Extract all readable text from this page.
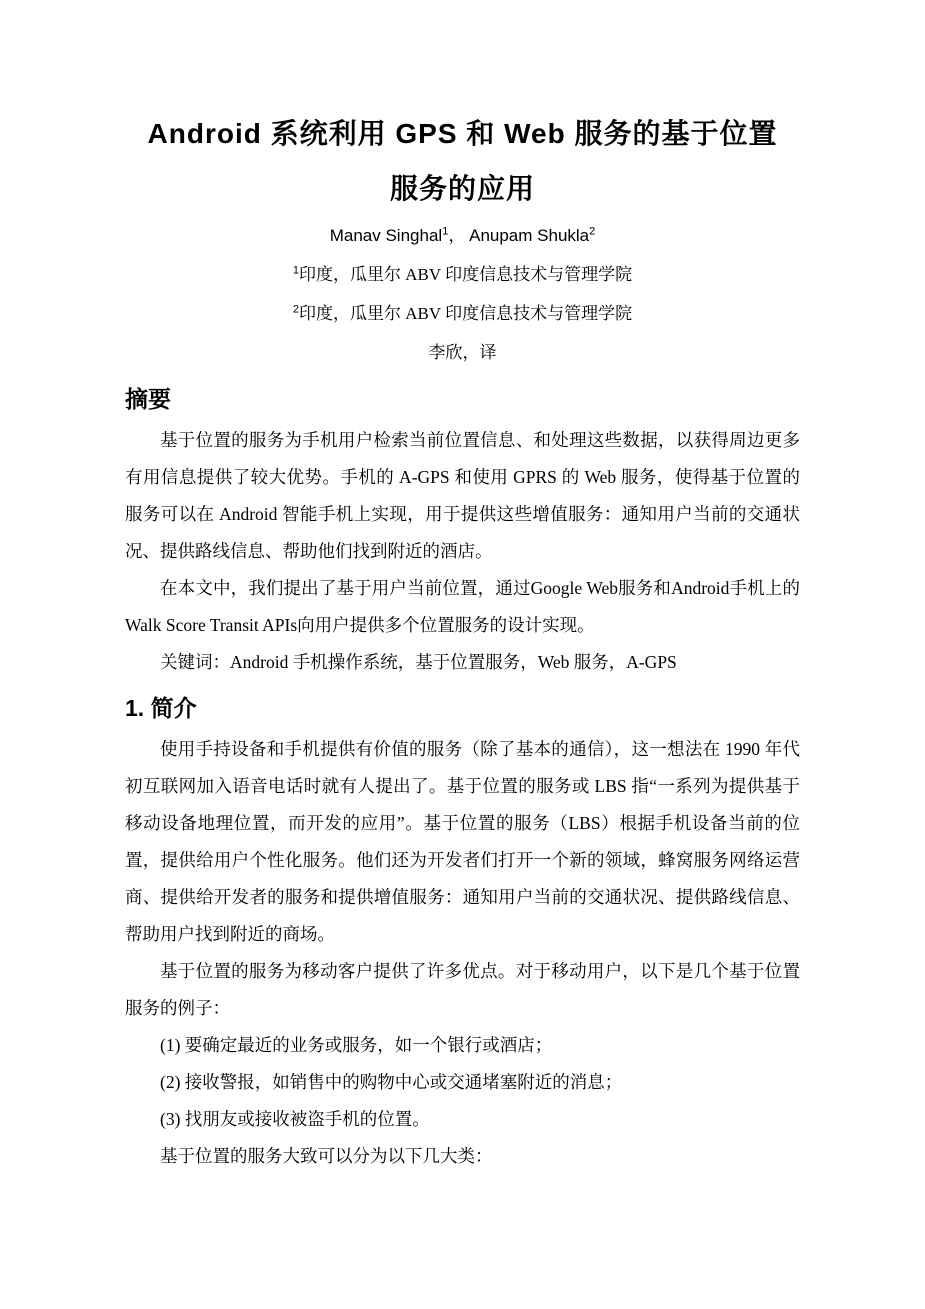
Android 系统利用 GPS 和 Web 服务的基于位置
服务的应用
Manav Singhal$^1$， Anupam Shukla$^2$
$^1$印度，瓜里尔 ABV 印度信息技术与管理学院
$^2$印度，瓜里尔 ABV 印度信息技术与管理学院
李欣，译
摘要

基于位置的服务为手机用户检索当前位置信息、和处理这些数据，以获得周边更多有用信息提供了较大优势。手机的 A-GPS 和使用 GPRS 的 Web 服务，使得基于位置的服务可以在 Android 智能手机上实现，用于提供这些增值服务：通知用户当前的交通状况、提供路线信息、帮助他们找到附近的酒店。

在本文中，我们提出了基于用户当前位置，通过Google Web服务和Android手机上的Walk Score Transit APIs向用户提供多个位置服务的设计实现。

关键词：Android 手机操作系统，基于位置服务，Web 服务，A-GPS

1. 简介

使用手持设备和手机提供有价值的服务（除了基本的通信），这一想法在 1990 年代初互联网加入语音电话时就有人提出了。基于位置的服务或 LBS 指“一系列为提供基于移动设备地理位置，而开发的应用”。基于位置的服务（LBS）根据手机设备当前的位置，提供给用户个性化服务。他们还为开发者们打开一个新的领域，蜂窝服务网络运营商、提供给开发者的服务和提供增值服务：通知用户当前的交通状况、提供路线信息、帮助用户找到附近的商场。

基于位置的服务为移动客户提供了许多优点。对于移动用户，以下是几个基于位置服务的例子：

(1) 要确定最近的业务或服务，如一个银行或酒店；

(2) 接收警报，如销售中的购物中心或交通堵塞附近的消息；

(3) 找朋友或接收被盗手机的位置。

基于位置的服务大致可以分为以下几大类：
